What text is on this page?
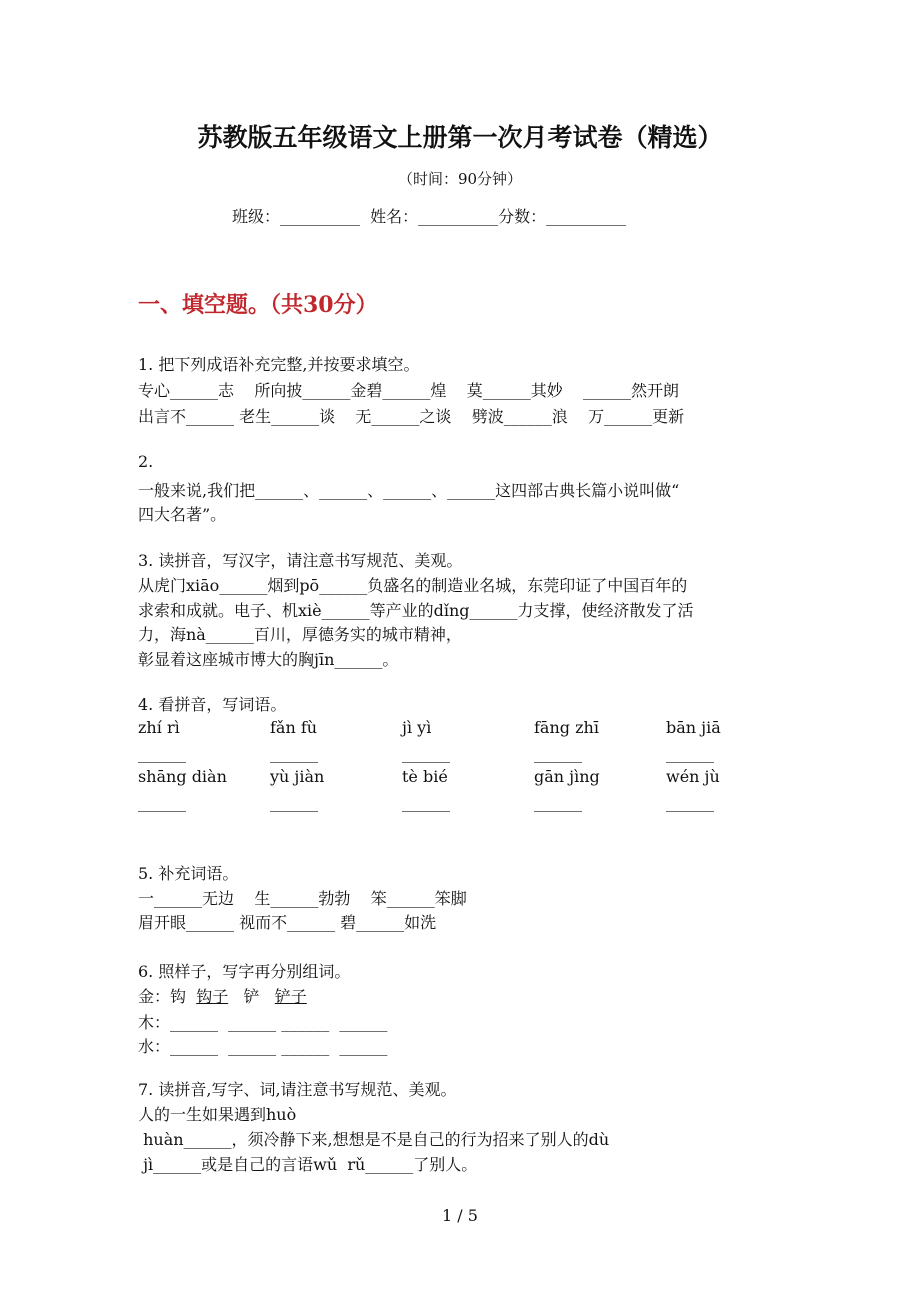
苏教版五年级语文上册第一次月考试卷（精选）
（时间：90分钟）
班级：__________  姓名：__________分数：__________
一、填空题。（共30分）
1. 把下列成语补充完整,并按要求填空。
专心______志    所向披______金碧______煌    莫______其妙    ______然开朗
出言不______ 老生______谈    无______之谈    劈波______浪    万______更新
2.
一般来说,我们把______、______、______、______这四部古典长篇小说叫做“
四大名著”。
3. 读拼音，写汉字，请注意书写规范、美观。
从虎门xiāo______烟到pō______负盛名的制造业名城，东莞印证了中国百年的
求索和成就。电子、机xiè______等产业的dǐng______力支撑，使经济散发了活
力，海nà______百川，厚德务实的城市精神，
彰显着这座城市博大的胸jīn______。
4. 看拼音，写词语。
zhí rì	fǎn fù	jì yì	fāng zhī	bān jiā
______	______	______	______	______
shāng diàn	yù jiàn	tè bié	gān jìng	wén jù
______	______	______	______	______
5. 补充词语。
一______无边    生______勃勃    笨______笨脚
眉开眼______ 视而不______ 碧______如洗
6. 照样子，写字再分别组词。
金：钩 钩子 铲 铲子
木：______  ______ ______  ______
水：______  ______ ______  ______
7. 读拼音,写字、词,请注意书写规范、美观。
人的一生如果遇到huò
huàn______，须冷静下来,想想是不是自己的行为招来了别人的dù
jì______或是自己的言语wǔ  rǔ______了别人。
1 / 5
